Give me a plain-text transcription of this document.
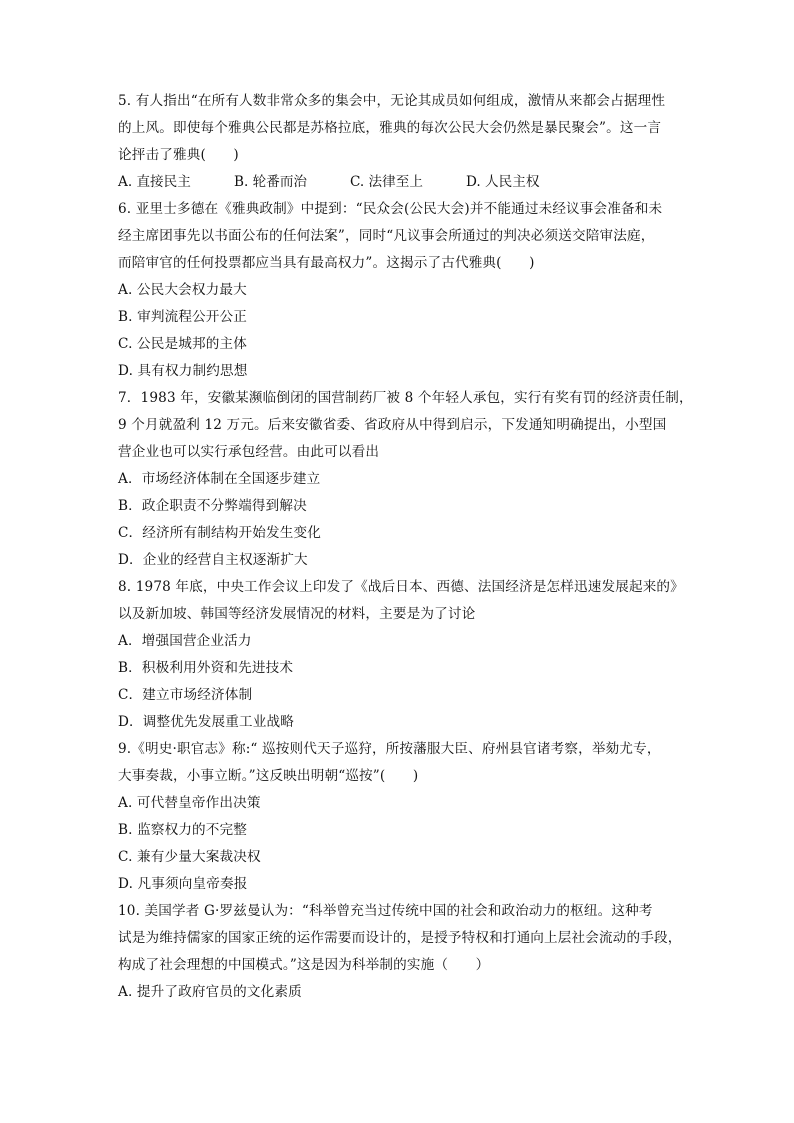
5. 有人指出“在所有人数非常众多的集会中，无论其成员如何组成，激情从来都会占据理性
的上风。即使每个雅典公民都是苏格拉底，雅典的每次公民大会仍然是暴民聚会”。这一言
论抨击了雅典(　　)
A. 直接民主	B. 轮番而治	C. 法律至上	D. 人民主权
6. 亚里士多德在《雅典政制》中提到：“民众会(公民大会)并不能通过未经议事会准备和未
经主席团事先以书面公布的任何法案”，同时“凡议事会所通过的判决必须送交陪审法庭，
而陪审官的任何投票都应当具有最高权力”。这揭示了古代雅典(　　)
A. 公民大会权力最大
B. 审判流程公开公正
C. 公民是城邦的主体
D. 具有权力制约思想
7．1983 年，安徽某濒临倒闭的国营制药厂被 8 个年轻人承包，实行有奖有罚的经济责任制，
9 个月就盈利 12 万元。后来安徽省委、省政府从中得到启示，下发通知明确提出，小型国
营企业也可以实行承包经营。由此可以看出
A．市场经济体制在全国逐步建立
B．政企职责不分弊端得到解决
C．经济所有制结构开始发生变化
D．企业的经营自主权逐渐扩大
8. 1978 年底，中央工作会议上印发了《战后日本、西德、法国经济是怎样迅速发展起来的》
以及新加坡、韩国等经济发展情况的材料，主要是为了讨论
A．增强国营企业活力
B．积极利用外资和先进技术
C．建立市场经济体制
D．调整优先发展重工业战略
9.《明史·职官志》称:“ 巡按则代天子巡狩，所按藩服大臣、府州县官诸考察，举劾尤专，
大事奏裁，小事立断。”这反映出明朝“巡按”(　　)
A. 可代替皇帝作出决策
B. 监察权力的不完整
C. 兼有少量大案裁决权
D. 凡事须向皇帝奏报
10. 美国学者 G·罗兹曼认为：“科举曾充当过传统中国的社会和政治动力的枢纽。这种考
试是为维持儒家的国家正统的运作需要而设计的，是授予特权和打通向上层社会流动的手段，
构成了社会理想的中国模式。”这是因为科举制的实施（　　）
A. 提升了政府官员的文化素质
